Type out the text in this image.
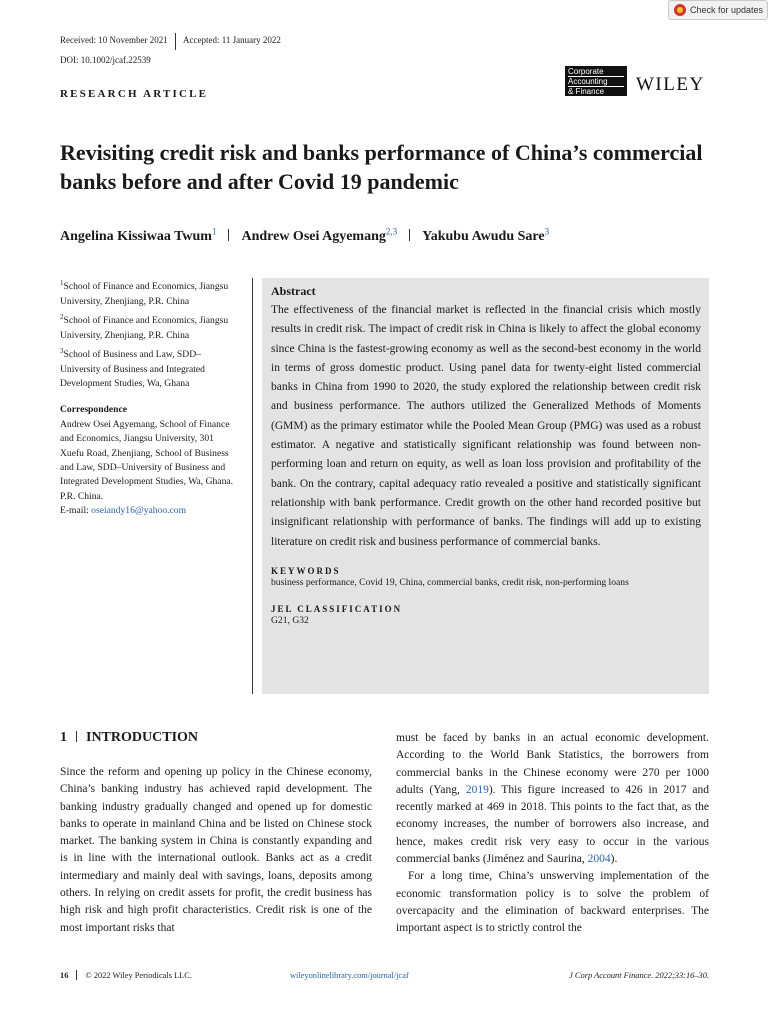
Received: 10 November 2021 Accepted: 11 January 2022
DOI: 10.1002/jcaf.22539
RESEARCH ARTICLE
Check for updates
Corporate
Accounting
& Finance	WILEY
Revisiting credit risk and banks performance of China’s commercial banks before and after Covid 19 pandemic
Angelina Kissiwaa Twum$^1$ Andrew Osei Agyemang$^{2,3}$ Yakubu Awudu Sare$^3$
$^1$School of Finance and Economics, Jiangsu University, Zhenjiang, P.R. China
$^2$School of Finance and Economics, Jiangsu University, Zhenjiang, P.R. China
$^3$School of Business and Law, SDD–University of Business and Integrated Development Studies, Wa, Ghana
Correspondence
Andrew Osei Agyemang, School of Finance and Economics, Jiangsu University, 301 Xuefu Road, Zhenjiang, School of Business and Law, SDD–University of Business and Integrated Development Studies, Wa, Ghana. P.R. China.
E-mail: oseiandy16@yahoo.com
Abstract
The effectiveness of the financial market is reflected in the financial crisis which mostly results in credit risk. The impact of credit risk in China is likely to affect the global economy since China is the fastest-growing economy as well as the second-best economy in the world in terms of gross domestic product. Using panel data for twenty-eight listed commercial banks in China from 1990 to 2020, the study explored the relationship between credit risk and business performance. The authors utilized the Generalized Methods of Moments (GMM) as the primary estimator while the Pooled Mean Group (PMG) was used as a robust estimator. A negative and statistically significant relationship was found between non-performing loan and return on equity, as well as loan loss provision and profitability of the bank. On the contrary, capital adequacy ratio revealed a positive and statistically significant relationship with bank performance. Credit growth on the other hand recorded positive but insignificant relationship with performance of banks. The findings will add up to existing literature on credit risk and business performance of commercial banks.
KEYWORDS
business performance, Covid 19, China, commercial banks, credit risk, non-performing loans
JEL CLASSIFICATION
G21, G32
1 INTRODUCTION
Since the reform and opening up policy in the Chinese economy, China’s banking industry has achieved rapid development. The banking industry gradually changed and opened up for domestic banks to operate in mainland China and be listed on Chinese stock market. The banking system in China is constantly expanding and is in line with the international outlook. Banks act as a credit intermediary and mainly deal with savings, loans, deposits among others. In relying on credit assets for profit, the credit business has high risk and high profit characteristics. Credit risk is one of the most important risks that

must be faced by banks in an actual economic development. According to the World Bank Statistics, the borrowers from commercial banks in the Chinese economy were 270 per 1000 adults (Yang, 2019). This figure increased to 426 in 2017 and recently marked at 469 in 2018. This points to the fact that, as the economy increases, the number of borrowers also increase, and hence, makes credit risk very easy to occur in the various commercial banks (Jiménez and Saurina, 2004).

For a long time, China’s unswerving implementation of the economic transformation policy is to solve the problem of overcapacity and the elimination of backward enterprises. The important aspect is to strictly control the

16 © 2022 Wiley Periodicals LLC.	wileyonlinelibrary.com/journal/jcaf	J Corp Account Finance. 2022;33:16–30.
